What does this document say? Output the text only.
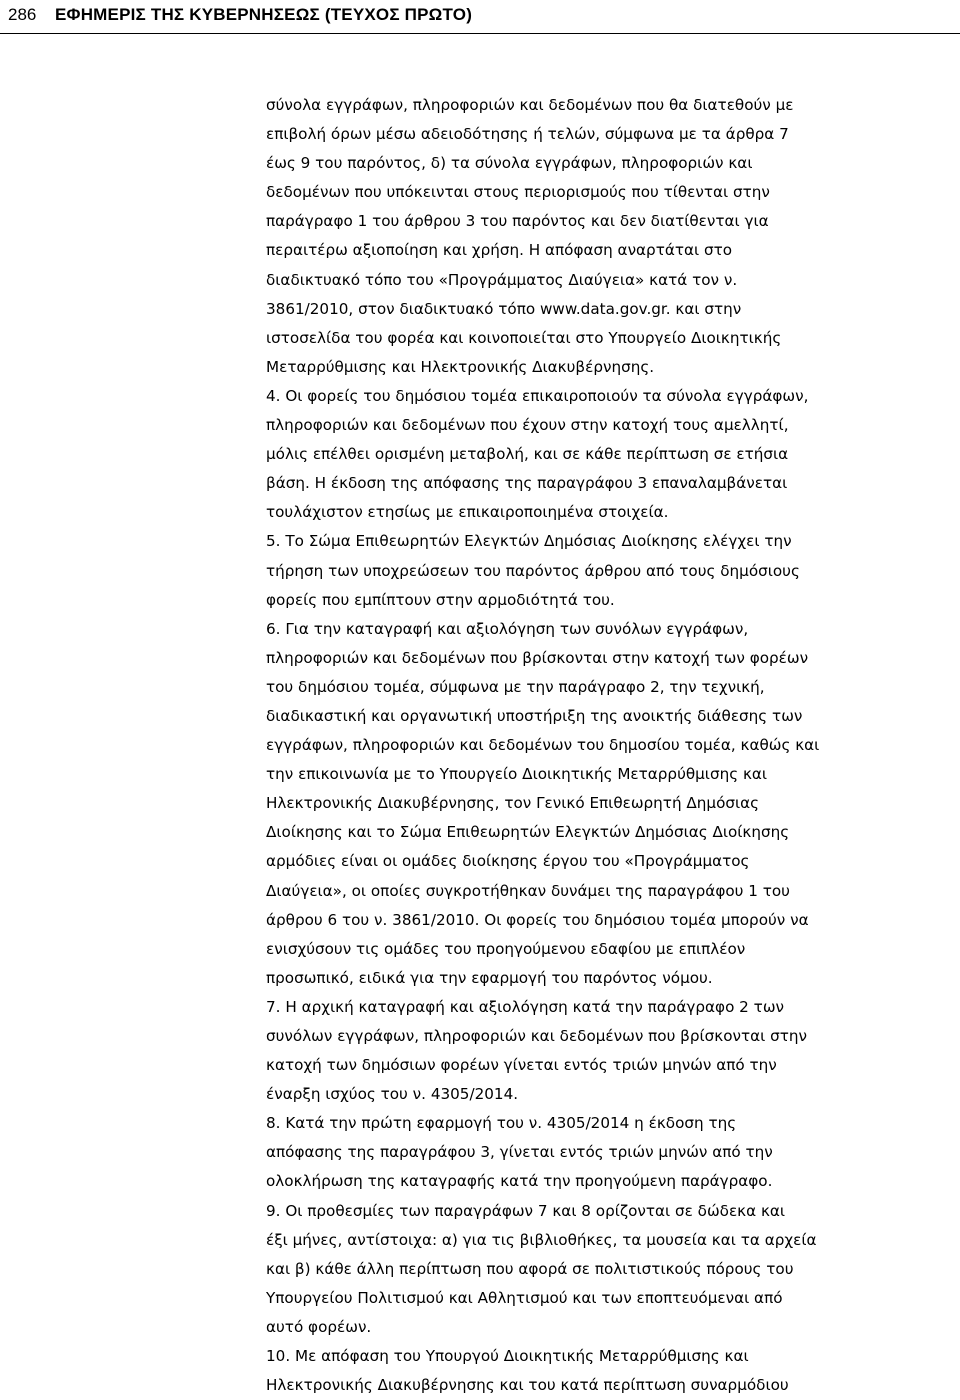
286 ΕΦΗΜΕΡΙΣ ΤΗΣ ΚΥΒΕΡΝΗΣΕΩΣ (ΤΕΥΧΟΣ ΠΡΩΤΟ)
σύνολα εγγράφων, πληροφοριών και δεδομένων που θα διατεθούν με
επιβολή όρων μέσω αδειοδότησης ή τελών, σύμφωνα με τα άρθρα 7
έως 9 του παρόντος, δ) τα σύνολα εγγράφων, πληροφοριών και
δεδομένων που υπόκεινται στους περιορισμούς που τίθενται στην
παράγραφο 1 του άρθρου 3 του παρόντος και δεν διατίθενται για
περαιτέρω αξιοποίηση και χρήση. Η απόφαση αναρτάται στο
διαδικτυακό τόπο του «Προγράμματος Διαύγεια» κατά τον ν.
3861/2010, στον διαδικτυακό τόπο www.data.gov.gr. και στην
ιστοσελίδα του φορέα και κοινοποιείται στο Υπουργείο Διοικητικής
Μεταρρύθμισης και Ηλεκτρονικής Διακυβέρνησης.
4. Οι φορείς του δημόσιου τομέα επικαιροποιούν τα σύνολα εγγράφων,
πληροφοριών και δεδομένων που έχουν στην κατοχή τους αμελλητί,
μόλις επέλθει ορισμένη μεταβολή, και σε κάθε περίπτωση σε ετήσια
βάση. Η έκδοση της απόφασης της παραγράφου 3 επαναλαμβάνεται
τουλάχιστον ετησίως με επικαιροποιημένα στοιχεία.
5. Το Σώμα Επιθεωρητών Ελεγκτών Δημόσιας Διοίκησης ελέγχει την
τήρηση των υποχρεώσεων του παρόντος άρθρου από τους δημόσιους
φορείς που εμπίπτουν στην αρμοδιότητά του.
6. Για την καταγραφή και αξιολόγηση των συνόλων εγγράφων,
πληροφοριών και δεδομένων που βρίσκονται στην κατοχή των φορέων
του δημόσιου τομέα, σύμφωνα με την παράγραφο 2, την τεχνική,
διαδικαστική και οργανωτική υποστήριξη της ανοικτής διάθεσης των
εγγράφων, πληροφοριών και δεδομένων του δημοσίου τομέα, καθώς και
την επικοινωνία με το Υπουργείο Διοικητικής Μεταρρύθμισης και
Ηλεκτρονικής Διακυβέρνησης, τον Γενικό Επιθεωρητή Δημόσιας
Διοίκησης και το Σώμα Επιθεωρητών Ελεγκτών Δημόσιας Διοίκησης
αρμόδιες είναι οι ομάδες διοίκησης έργου του «Προγράμματος
Διαύγεια», οι οποίες συγκροτήθηκαν δυνάμει της παραγράφου 1 του
άρθρου 6 του ν. 3861/2010. Οι φορείς του δημόσιου τομέα μπορούν να
ενισχύσουν τις ομάδες του προηγούμενου εδαφίου με επιπλέον
προσωπικό, ειδικά για την εφαρμογή του παρόντος νόμου.
7. Η αρχική καταγραφή και αξιολόγηση κατά την παράγραφο 2 των
συνόλων εγγράφων, πληροφοριών και δεδομένων που βρίσκονται στην
κατοχή των δημόσιων φορέων γίνεται εντός τριών μηνών από την
έναρξη ισχύος του ν. 4305/2014.
8. Κατά την πρώτη εφαρμογή του ν. 4305/2014 η έκδοση της
απόφασης της παραγράφου 3, γίνεται εντός τριών μηνών από την
ολοκλήρωση της καταγραφής κατά την προηγούμενη παράγραφο.
9. Οι προθεσμίες των παραγράφων 7 και 8 ορίζονται σε δώδεκα και
έξι μήνες, αντίστοιχα: α) για τις βιβλιοθήκες, τα μουσεία και τα αρχεία
και β) κάθε άλλη περίπτωση που αφορά σε πολιτιστικούς πόρους του
Υπουργείου Πολιτισμού και Αθλητισμού και των εποπτευόμεναι από
αυτό φορέων.
10. Με απόφαση του Υπουργού Διοικητικής Μεταρρύθμισης και
Ηλεκτρονικής Διακυβέρνησης και του κατά περίπτωση συναρμόδιου
